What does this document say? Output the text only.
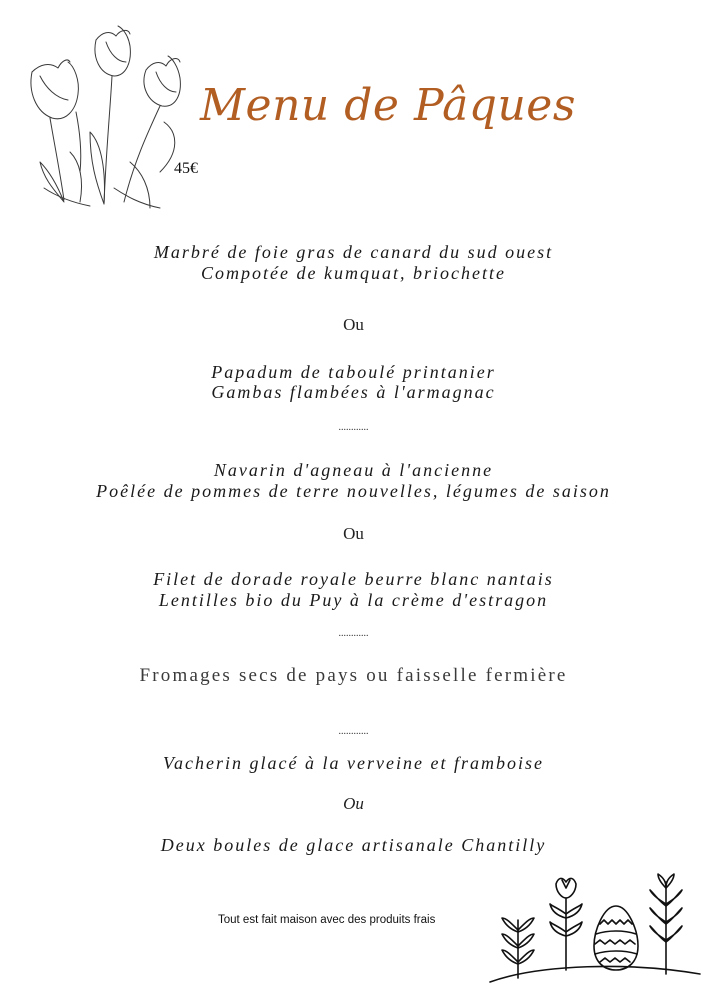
Menu de Pâques
45€
Marbré de foie gras de canard du sud ouest
Compotée de kumquat, briochette
Ou
Papadum de taboulé printanier
Gambas flambées à l'armagnac
............
Navarin d'agneau à l'ancienne
Poêlée de pommes de terre nouvelles, légumes de saison
Ou
Filet de dorade royale beurre blanc nantais
Lentilles bio du Puy à la crème d'estragon
............
Fromages secs de pays ou faisselle fermière
............
Vacherin glacé à la verveine et framboise
Ou
Deux boules de glace artisanale Chantilly
Tout est fait maison avec des produits frais
